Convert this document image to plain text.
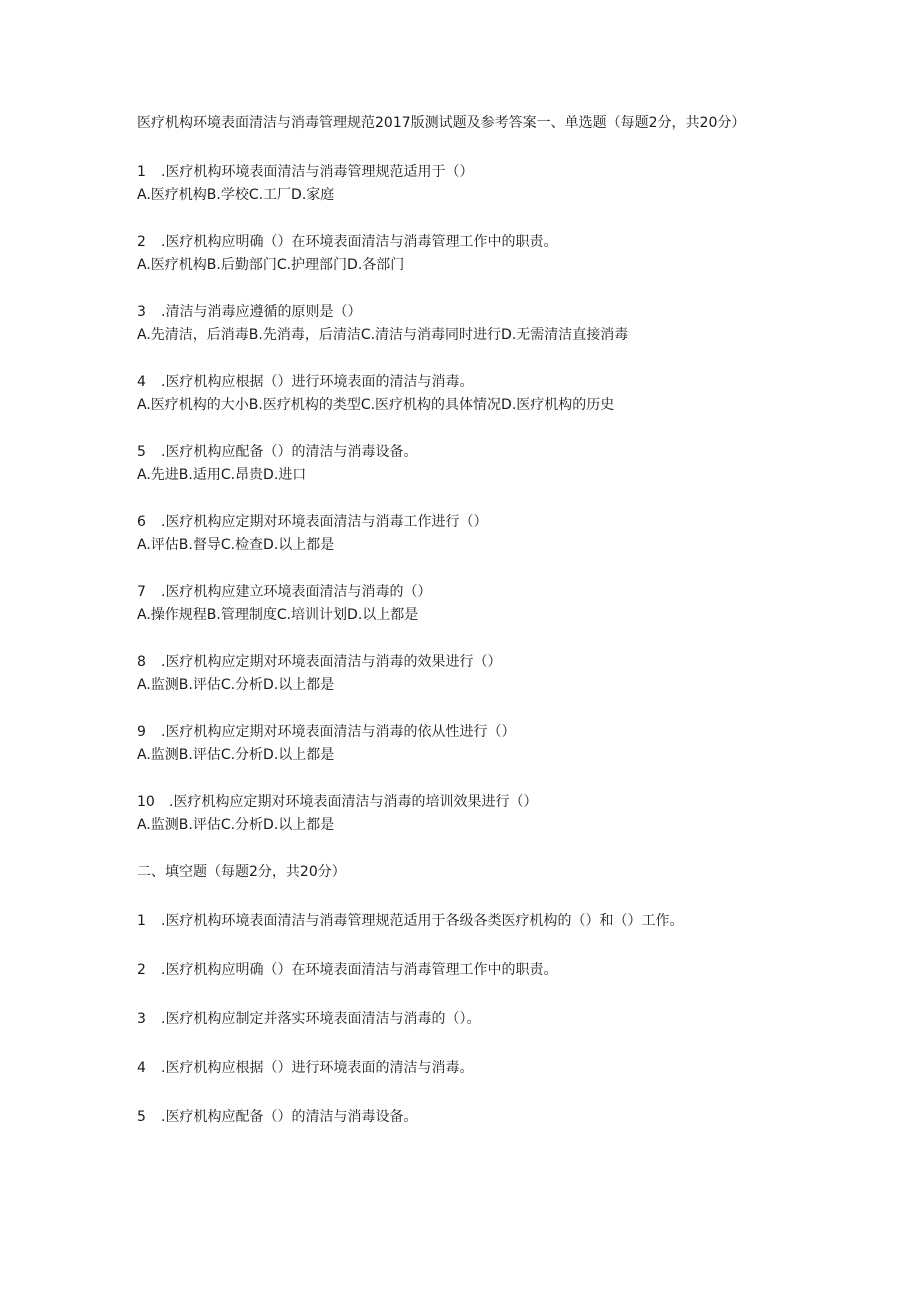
医疗机构环境表面清洁与消毒管理规范2017版测试题及参考答案一、单选题（每题2分，共20分）

1 .医疗机构环境表面清洁与消毒管理规范适用于（）
A.医疗机构B.学校C.工厂D.家庭
2 .医疗机构应明确（）在环境表面清洁与消毒管理工作中的职责。
A.医疗机构B.后勤部门C.护理部门D.各部门
3 .清洁与消毒应遵循的原则是（）
A.先清洁，后消毒B.先消毒，后清洁C.清洁与消毒同时进行D.无需清洁直接消毒
4 .医疗机构应根据（）进行环境表面的清洁与消毒。
A.医疗机构的大小B.医疗机构的类型C.医疗机构的具体情况D.医疗机构的历史
5 .医疗机构应配备（）的清洁与消毒设备。
A.先进B.适用C.昂贵D.进口
6 .医疗机构应定期对环境表面清洁与消毒工作进行（）
A.评估B.督导C.检查D.以上都是
7 .医疗机构应建立环境表面清洁与消毒的（）
A.操作规程B.管理制度C.培训计划D.以上都是
8 .医疗机构应定期对环境表面清洁与消毒的效果进行（）
A.监测B.评估C.分析D.以上都是
9 .医疗机构应定期对环境表面清洁与消毒的依从性进行（）
A.监测B.评估C.分析D.以上都是
10 .医疗机构应定期对环境表面清洁与消毒的培训效果进行（）
A.监测B.评估C.分析D.以上都是
二、填空题（每题2分，共20分）
1 .医疗机构环境表面清洁与消毒管理规范适用于各级各类医疗机构的（）和（）工作。
2 .医疗机构应明确（）在环境表面清洁与消毒管理工作中的职责。
3 .医疗机构应制定并落实环境表面清洁与消毒的（）。
4 .医疗机构应根据（）进行环境表面的清洁与消毒。
5 .医疗机构应配备（）的清洁与消毒设备。
